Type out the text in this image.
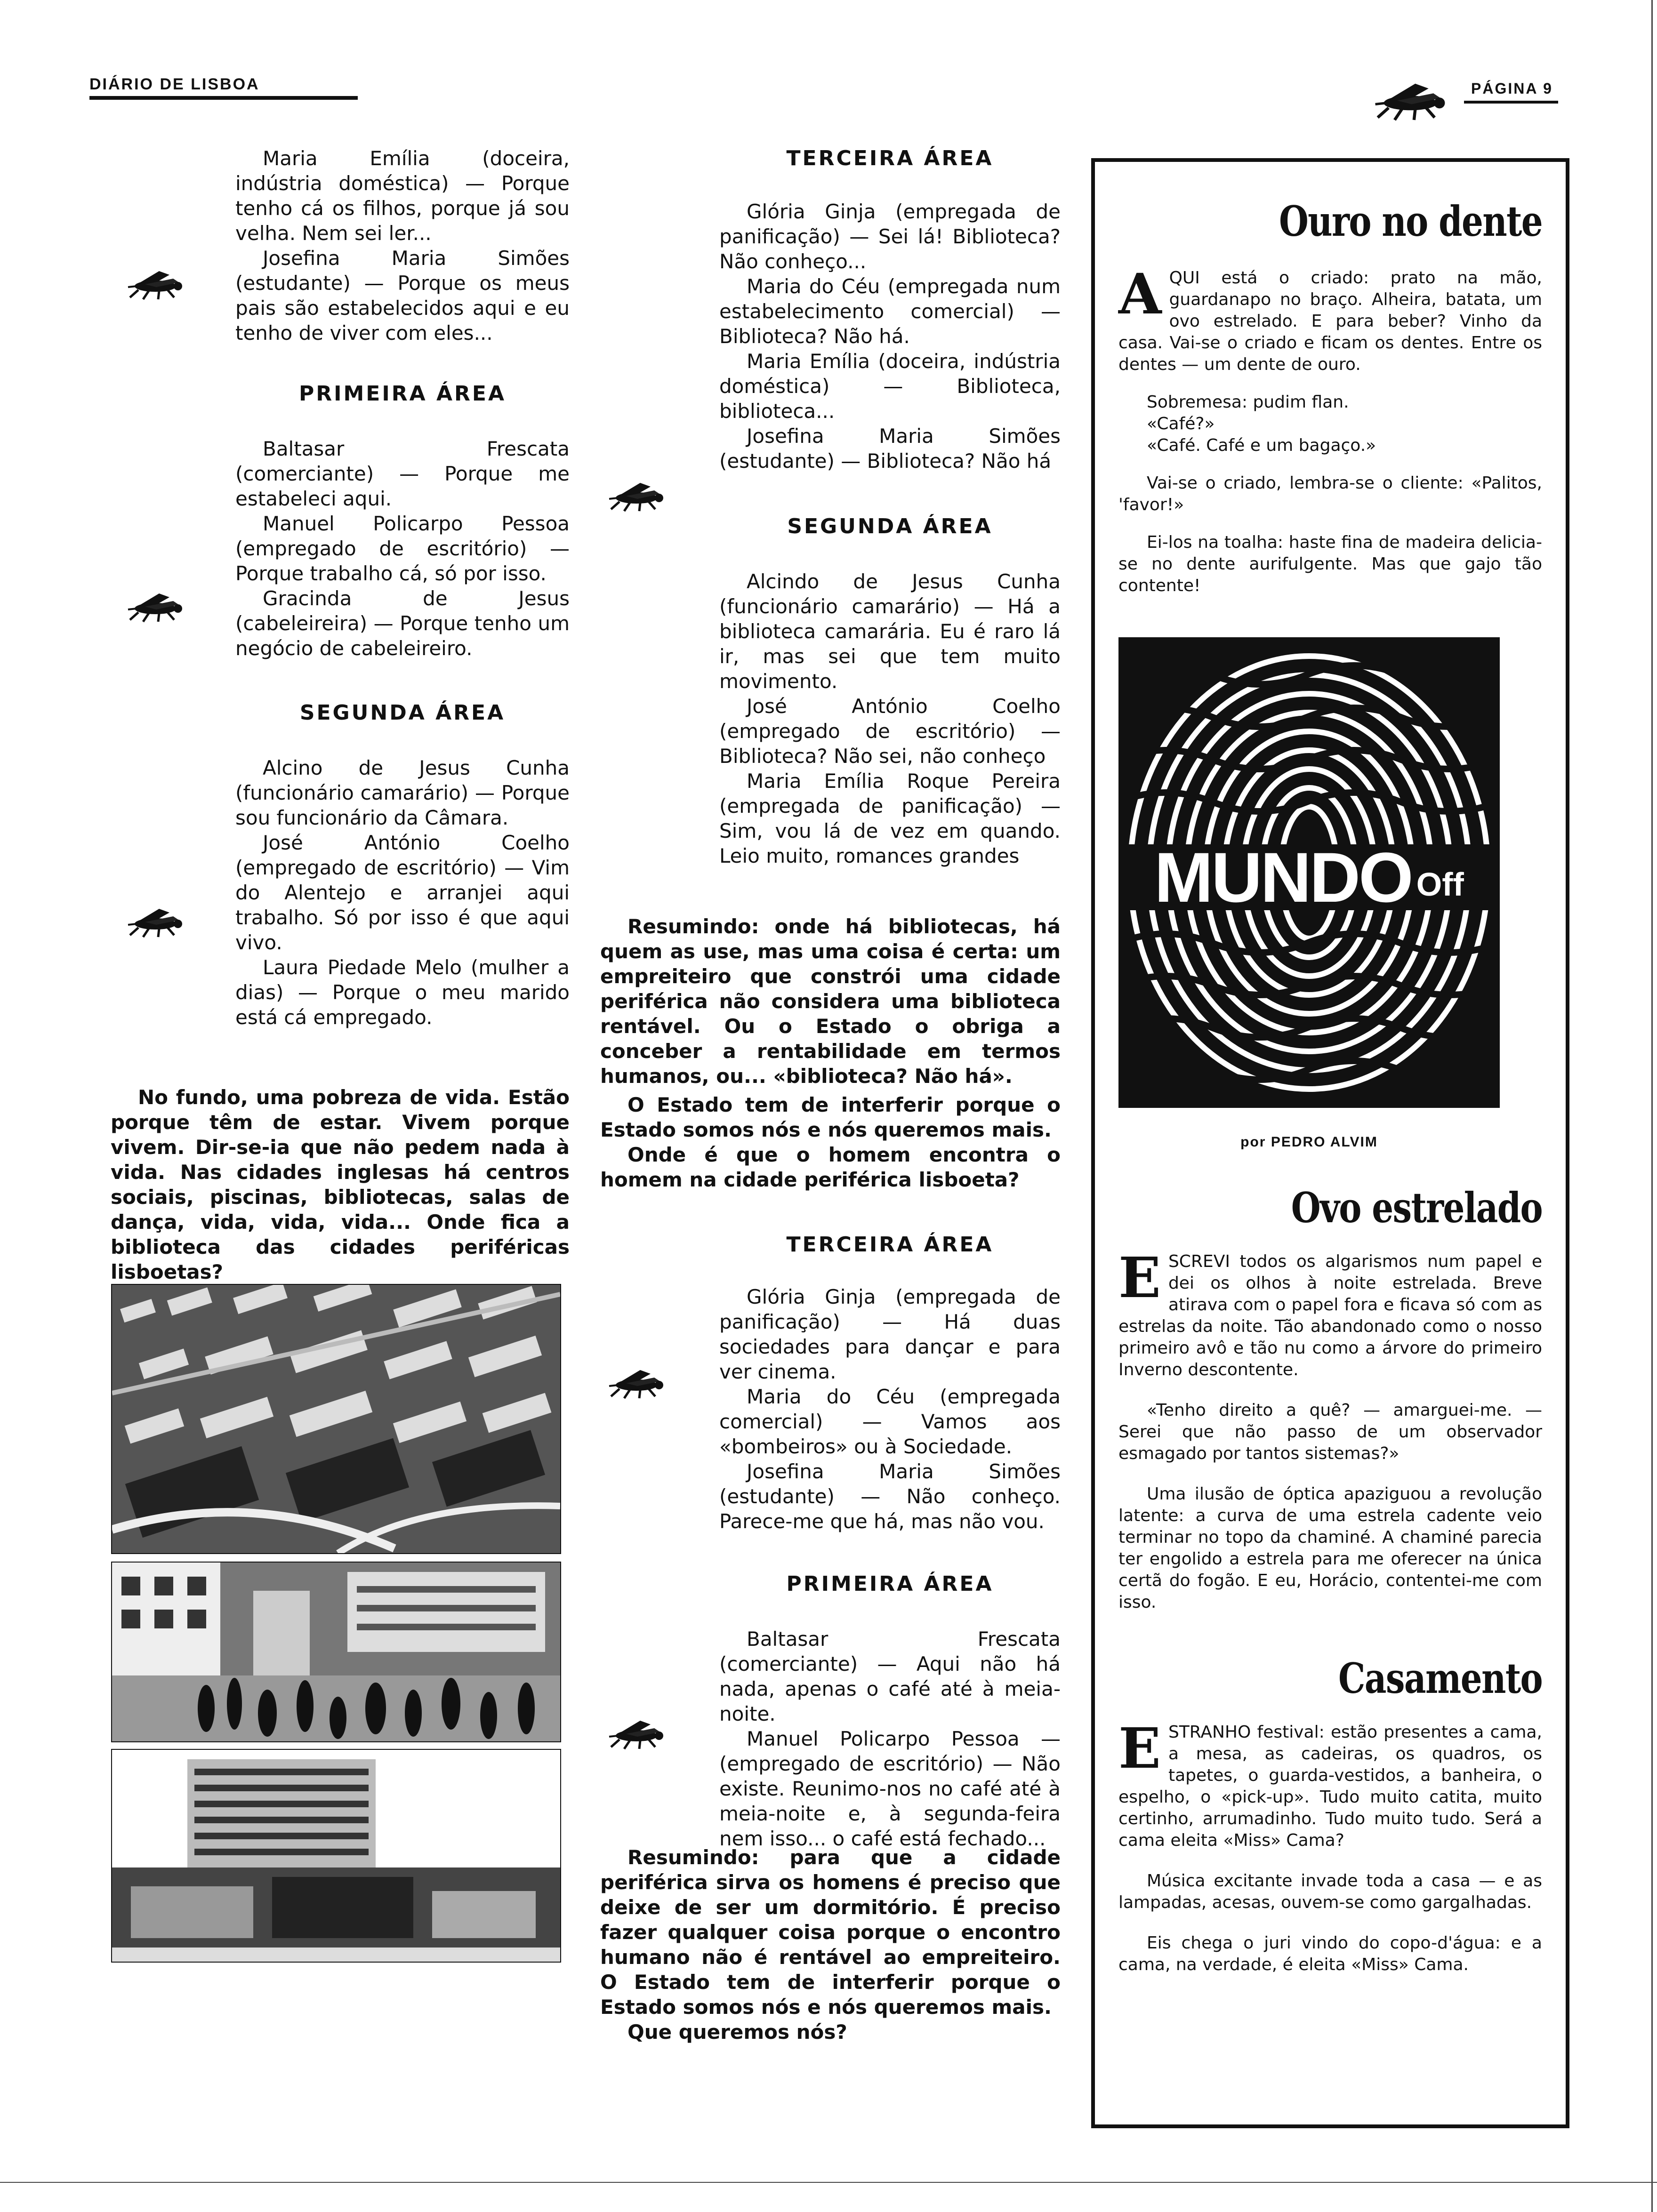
DIÁRIO DE LISBOA	PÁGINA 9

Maria Emília (doceira, indústria doméstica) — Porque tenho cá os filhos, porque já sou velha. Nem sei ler...

Josefina Maria Simões (estudante) — Porque os meus pais são estabelecidos aqui e eu tenho de viver com eles...

PRIMEIRA ÁREA

Baltasar Frescata (comerciante) — Porque me estabeleci aqui.

Manuel Policarpo Pessoa (empregado de escritório) — Porque trabalho cá, só por isso.

Gracinda de Jesus (cabeleireira) — Porque tenho um negócio de cabeleireiro.

SEGUNDA ÁREA

Alcino de Jesus Cunha (funcionário camarário) — Porque sou funcionário da Câmara.

José António Coelho (empregado de escritório) — Vim do Alentejo e arranjei aqui trabalho. Só por isso é que aqui vivo.

Laura Piedade Melo (mulher a dias) — Porque o meu marido está cá empregado.

No fundo, uma pobreza de vida. Estão porque têm de estar. Vivem porque vivem. Dir-se-ia que não pedem nada à vida. Nas cidades inglesas há centros sociais, piscinas, bibliotecas, salas de dança, vida, vida, vida... Onde fica a biblioteca das cidades periféricas lisboetas?

TERCEIRA ÁREA

Glória Ginja (empregada de panificação) — Sei lá! Biblioteca? Não conheço...

Maria do Céu (empregada num estabelecimento comercial) — Biblioteca? Não há.

Maria Emília (doceira, indústria doméstica) — Biblioteca, biblioteca...

Josefina Maria Simões (estudante) — Biblioteca? Não há

SEGUNDA ÁREA

Alcindo de Jesus Cunha (funcionário camarário) — Há a biblioteca camarária. Eu é raro lá ir, mas sei que tem muito movimento.

José António Coelho (empregado de escritório) — Biblioteca? Não sei, não conheço

Maria Emília Roque Pereira (empregada de panificação) — Sim, vou lá de vez em quando. Leio muito, romances grandes

Resumindo: onde há bibliotecas, há quem as use, mas uma coisa é certa: um empreiteiro que constrói uma cidade periférica não considera uma biblioteca rentável. Ou o Estado o obriga a conceber a rentabilidade em termos humanos, ou... «biblioteca? Não há».

O Estado tem de interferir porque o Estado somos nós e nós queremos mais.

Onde é que o homem encontra o homem na cidade periférica lisboeta?

TERCEIRA ÁREA

Glória Ginja (empregada de panificação) — Há duas sociedades para dançar e para ver cinema.

Maria do Céu (empregada comercial) — Vamos aos «bombeiros» ou à Sociedade.

Josefina Maria Simões (estudante) — Não conheço. Parece-me que há, mas não vou.

PRIMEIRA ÁREA

Baltasar Frescata (comerciante) — Aqui não há nada, apenas o café até à meia-noite.

Manuel Policarpo Pessoa — (empregado de escritório) — Não existe. Reunimo-nos no café até à meia-noite e, à segunda-feira nem isso... o café está fechado...

Resumindo: para que a cidade periférica sirva os homens é preciso que deixe de ser um dormitório. É preciso fazer qualquer coisa porque o encontro humano não é rentável ao empreiteiro. O Estado tem de interferir porque o Estado somos nós e nós queremos mais.

Que queremos nós?

Ouro no dente

AQUI está o criado: prato na mão, guardanapo no braço. Alheira, batata, um ovo estrelado. E para beber? Vinho da casa. Vai-se o criado e ficam os dentes. Entre os dentes — um dente de ouro.

Sobremesa: pudim flan.

«Café?»

«Café. Café e um bagaço.»

Vai-se o criado, lembra-se o cliente: «Palitos, 'favor!»

Ei-los na toalha: haste fina de madeira delicia-se no dente aurifulgente. Mas que gajo tão contente!

MUNDO Off
por PEDRO ALVIM
Ovo estrelado

ESCREVI todos os algarismos num papel e dei os olhos à noite estrelada. Breve atirava com o papel fora e ficava só com as estrelas da noite. Tão abandonado como o nosso primeiro avô e tão nu como a árvore do primeiro Inverno descontente.

«Tenho direito a quê? — amarguei-me. — Serei que não passo de um observador esmagado por tantos sistemas?»

Uma ilusão de óptica apaziguou a revolução latente: a curva de uma estrela cadente veio terminar no topo da chaminé. A chaminé parecia ter engolido a estrela para me oferecer na única certã do fogão. E eu, Horácio, contentei-me com isso.

Casamento

ESTRANHO festival: estão presentes a cama, a mesa, as cadeiras, os quadros, os tapetes, o guarda-vestidos, a banheira, o espelho, o «pick-up». Tudo muito catita, muito certinho, arrumadinho. Tudo muito tudo. Será a cama eleita «Miss» Cama?

Música excitante invade toda a casa — e as lampadas, acesas, ouvem-se como gargalhadas.

Eis chega o juri vindo do copo-d'água: e a cama, na verdade, é eleita «Miss» Cama.
